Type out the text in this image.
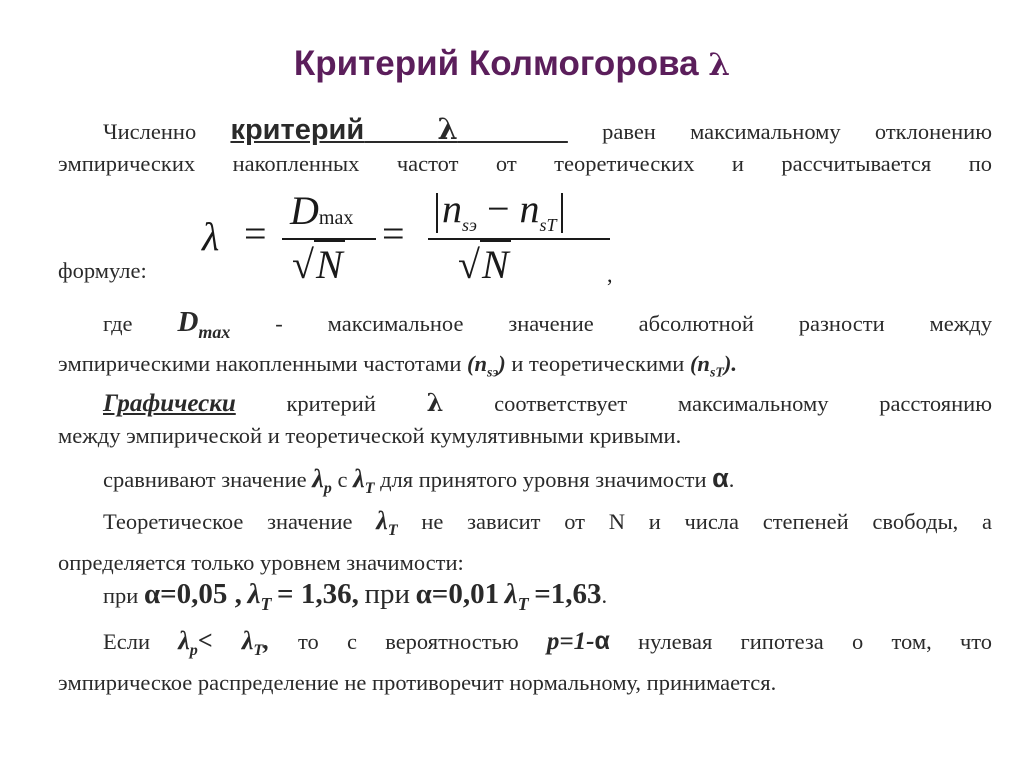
Критерий Колмогорова λ
Численно критерий	λ	равен максимальному отклонению
эмпирических накопленных частот от теоретических и рассчитывается по
формуле:
λ =
Dmax
√N
=
$n_{sэ} - n_{sT}$
√N	,
где $D_{max}$ - максимальное значение абсолютной разности между
эмпирическими накопленными частотами $(n_{sэ})$ и теоретическими $(n_{sT})$.
Графически критерий λ соответствует максимальному расстоянию
между эмпирической и теоретической кумулятивными кривыми.
сравнивают значение $\lambda_p$ с $\lambda_T$ для принятого уровня значимости α.
Теоретическое значение $\lambda_T$ не зависит от N и числа степеней свободы, а
определяется только уровнем значимости:
при α=0,05 , $\lambda_T = 1,36$, при α=0,01 $\lambda_T =1,63$.
Если $\lambda_p< \lambda_T$, то с вероятностью p=1-α нулевая гипотеза о том, что
эмпирическое распределение не противоречит нормальному, принимается.
